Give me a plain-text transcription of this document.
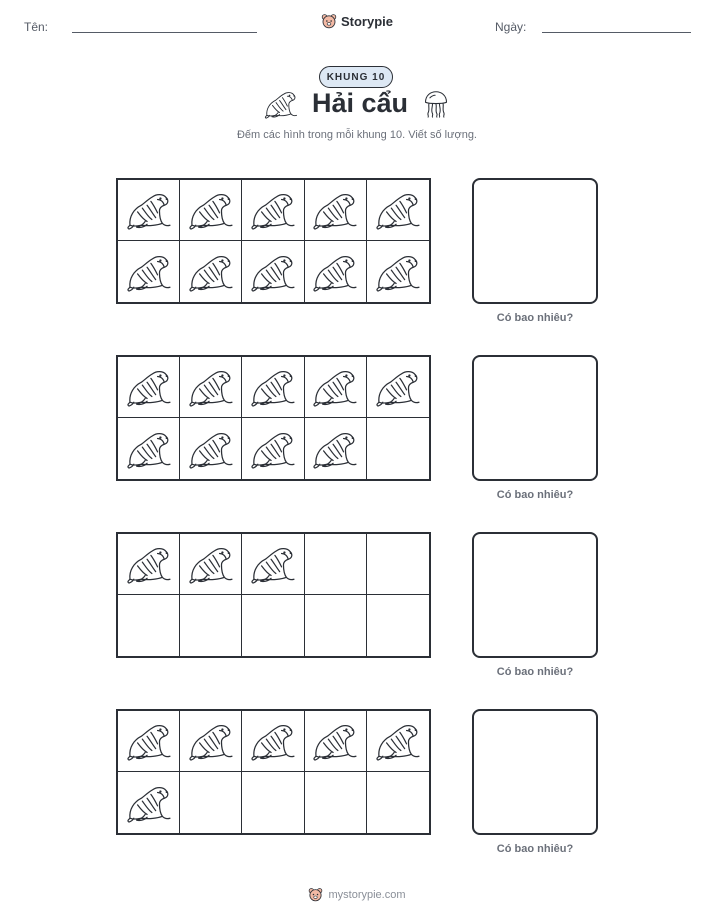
Tên:	Storypie	Ngày:
KHUNG 10
Hải cẩu
Đếm các hình trong mỗi khung 10. Viết số lượng.
Có bao nhiêu?
Có bao nhiêu?
Có bao nhiêu?
Có bao nhiêu?
mystorypie.com
